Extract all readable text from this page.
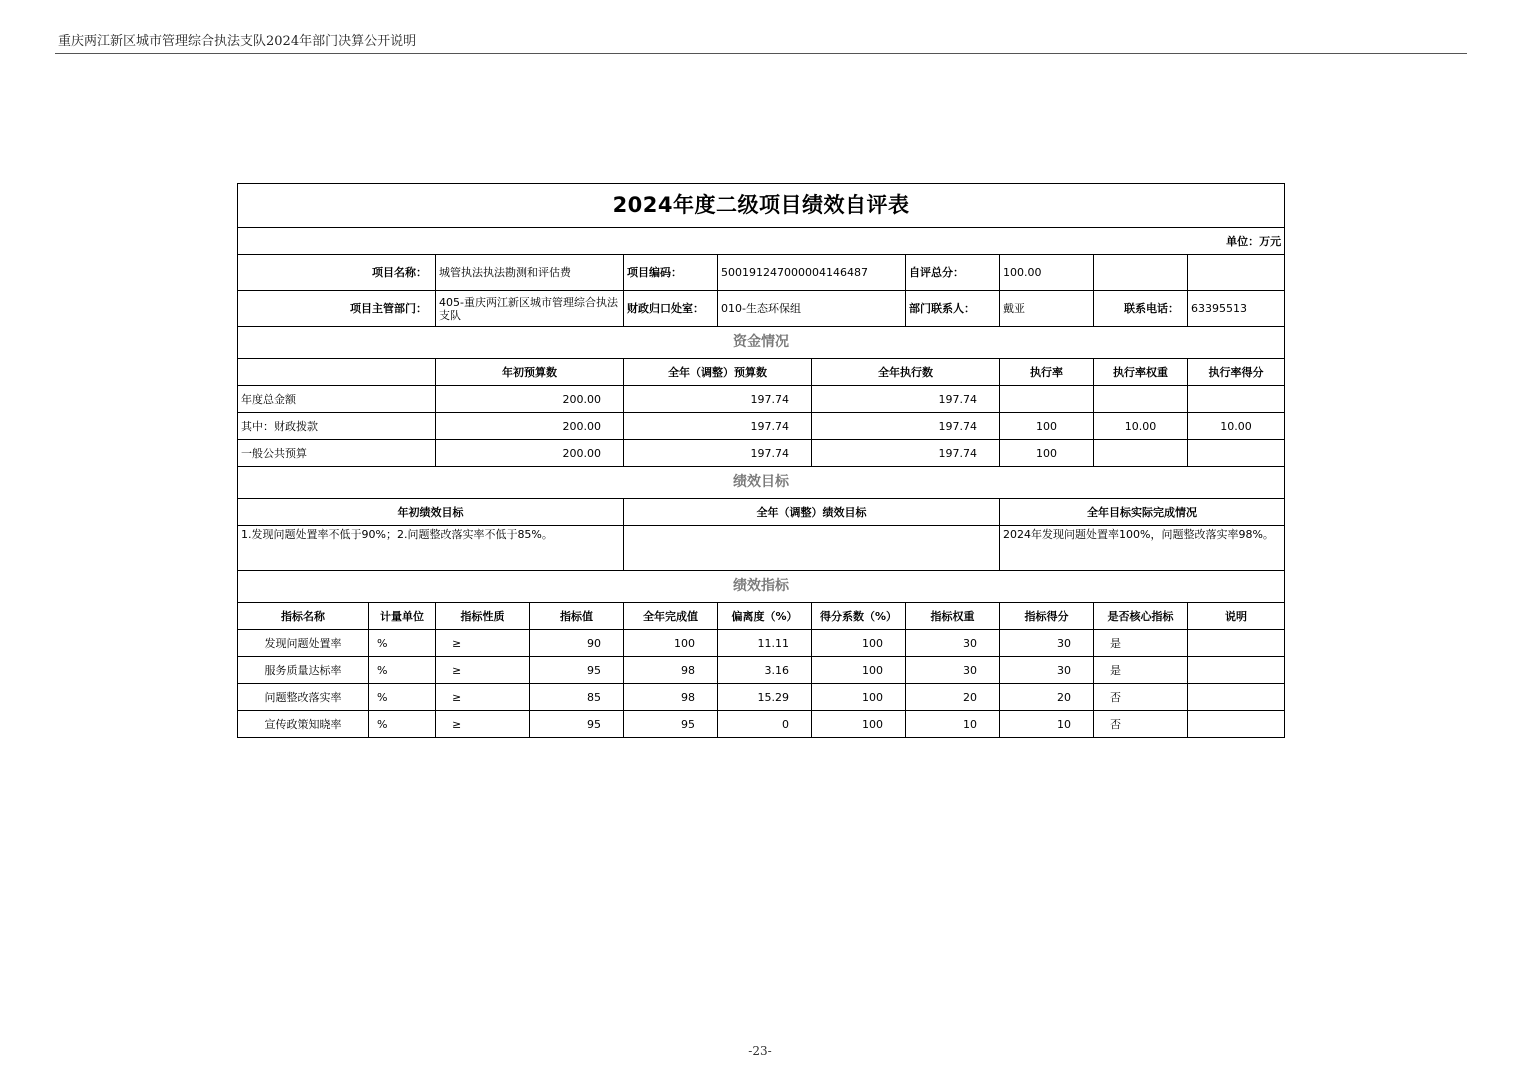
重庆两江新区城市管理综合执法支队2024年部门决算公开说明
2024年度二级项目绩效自评表										
单位：万元										
项目名称：		城管执法执法勘测和评估费		项目编码：	500191247000004146487		自评总分：	100.00		
项目主管部门：		405-重庆两江新区城市管理综合执法支队		财政归口处室：	010-生态环保组		部门联系人：	戴亚	联系电话：	63395513
资金情况										
		年初预算数		全年（调整）预算数		全年执行数		执行率	执行率权重	执行率得分
年度总金额		200.00		197.74		197.74				
其中：财政拨款		200.00		197.74		197.74		100	10.00	10.00
一般公共预算		200.00		197.74		197.74		100		
绩效目标										
年初绩效目标				全年（调整）绩效目标				全年目标实际完成情况		
1.发现问题处置率不低于90%；2.问题整改落实率不低于85%。								2024年发现问题处置率100%，问题整改落实率98%。		
绩效指标										
指标名称	计量单位	指标性质	指标值	全年完成值	偏离度（%）	得分系数（%）	指标权重	指标得分	是否核心指标	说明
发现问题处置率	%	≥	90	100	11.11	100	30	30	是	
服务质量达标率	%	≥	95	98	3.16	100	30	30	是	
问题整改落实率	%	≥	85	98	15.29	100	20	20	否	
宣传政策知晓率	%	≥	95	95	0	100	10	10	否	
-23-
